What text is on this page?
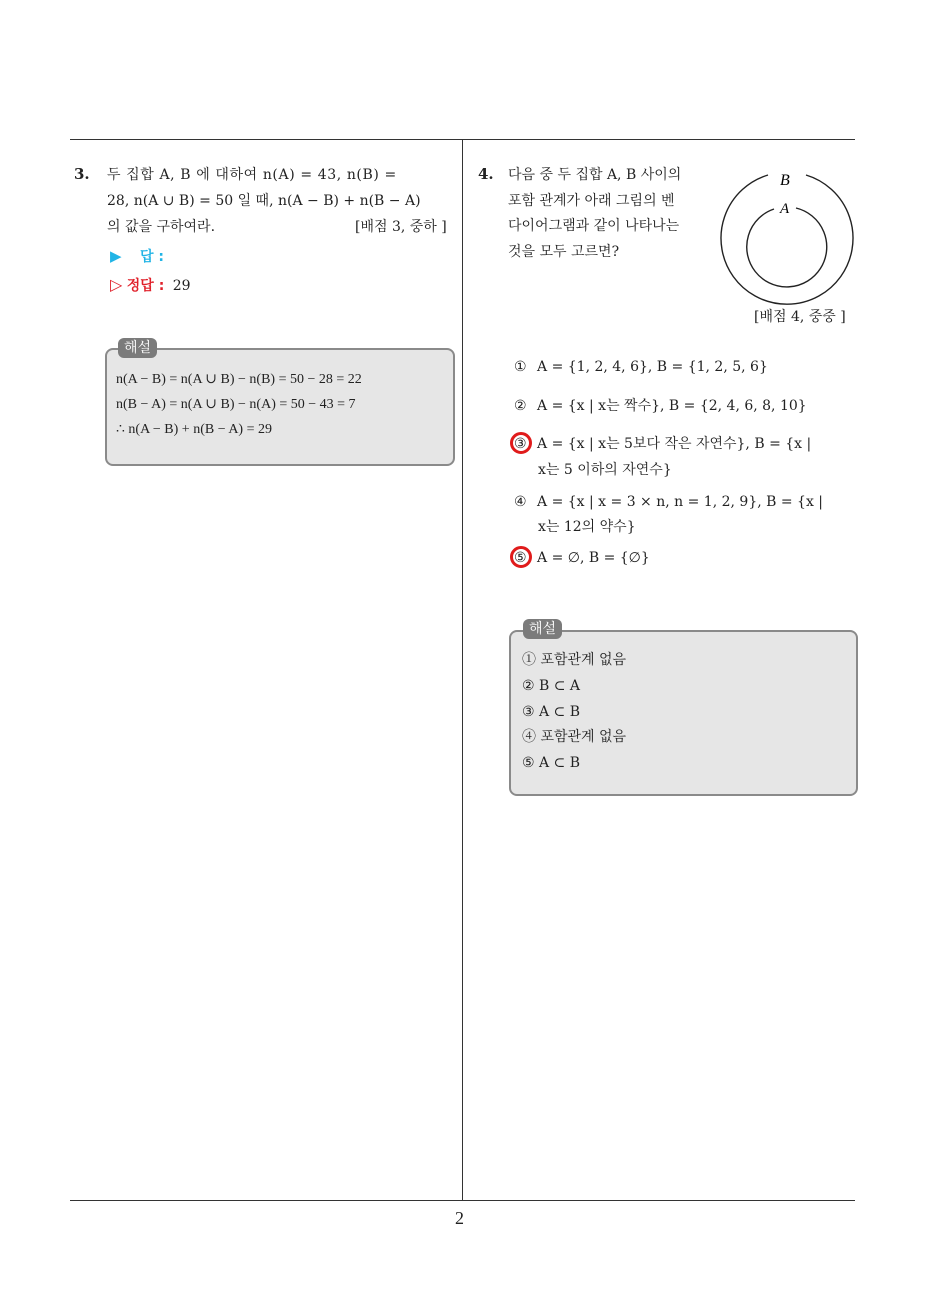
2
3. 두 집합 A, B 에 대하여 n(A) = 43, n(B) =
28, n(A ∪ B) = 50 일 때, n(A − B) + n(B − A)
의 값을 구하여라.	[배점 3, 중하 ]
▶ 답 :
▷ 정답 : 29
해설
n(A − B) = n(A ∪ B) − n(B) = 50 − 28 = 22
n(B − A) = n(A ∪ B) − n(A) = 50 − 43 = 7
∴ n(A − B) + n(B − A) = 29
4. 다음 중 두 집합 A, B 사이의
포함 관계가 아래 그림의 벤
다이어그램과 같이 나타나는
것을 모두 고르면?
B
A
[배점 4, 중중 ]
① A = {1, 2, 4, 6}, B = {1, 2, 5, 6}
② A = {x | x는 짝수}, B = {2, 4, 6, 8, 10}
③ A = {x | x는 5보다 작은 자연수}, B = {x |
x는 5 이하의 자연수}
④ A = {x | x = 3 × n, n = 1, 2, 9}, B = {x |
x는 12의 약수}
⑤ A = ∅, B = {∅}
해설
① 포함관계 없음
② B ⊂ A
③ A ⊂ B
④ 포함관계 없음
⑤ A ⊂ B
